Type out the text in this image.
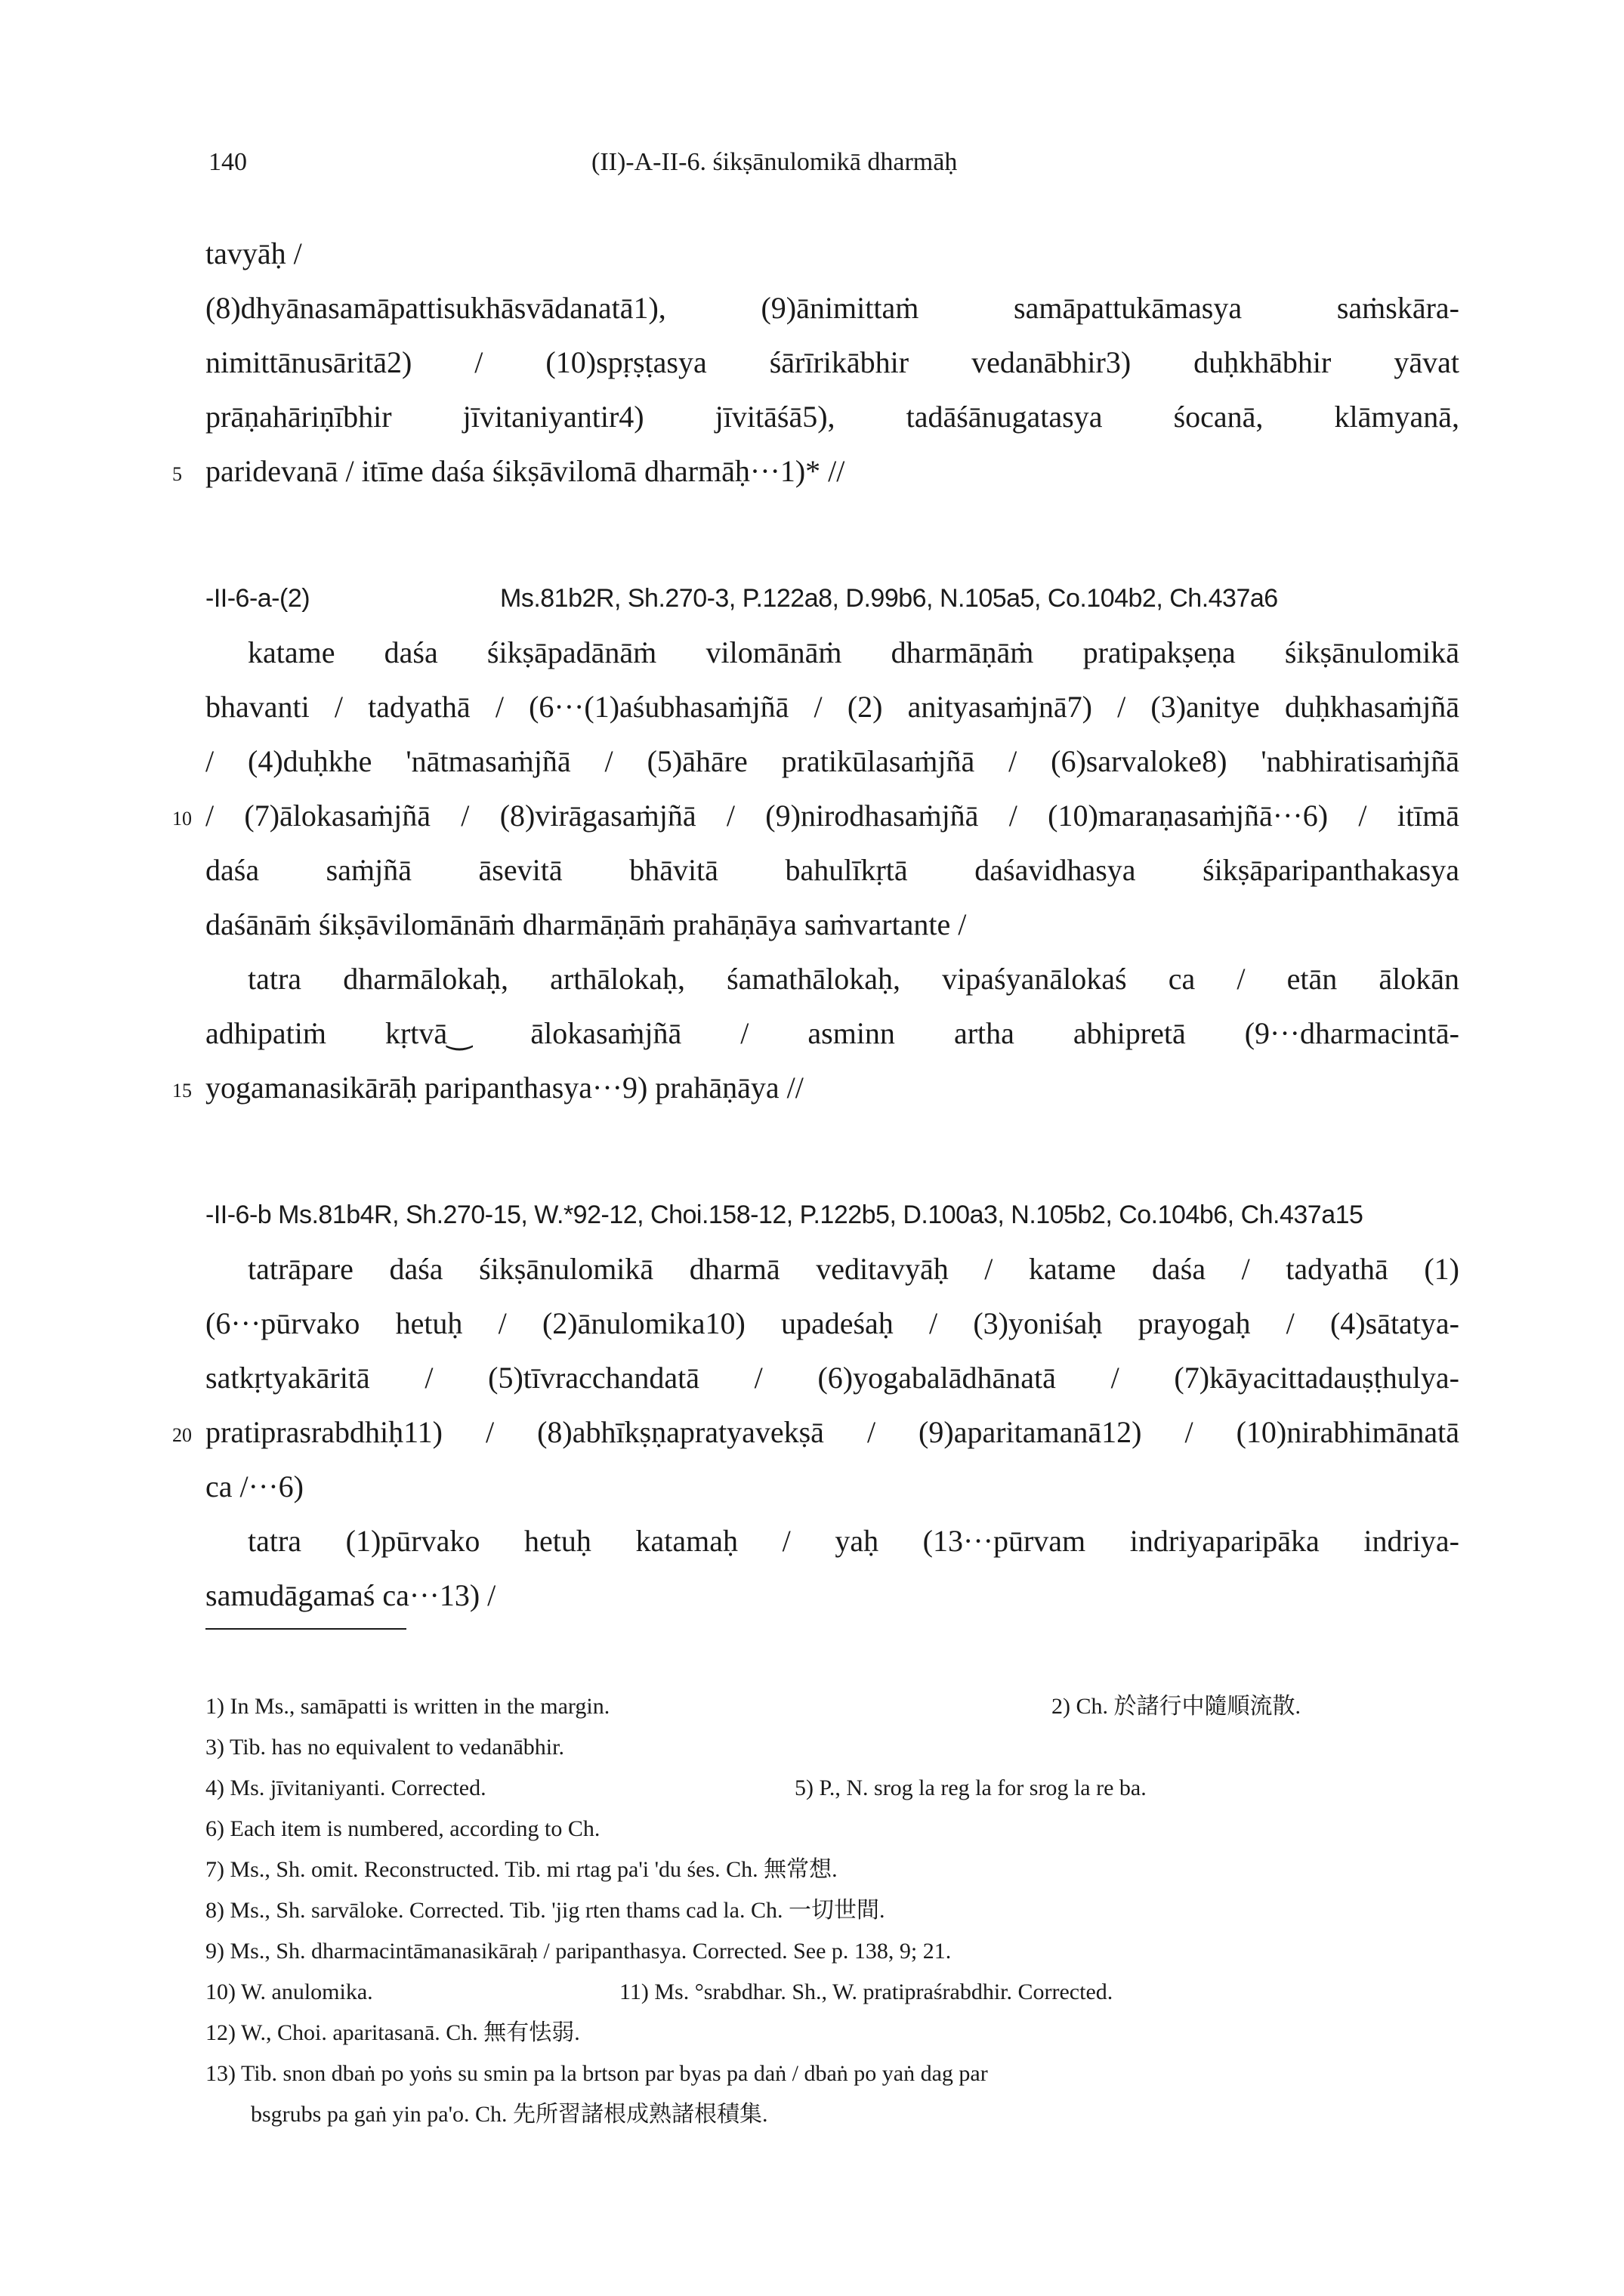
140	(II)-A-II-6. śikṣānulomikā dharmāḥ
tavyāḥ /
(8)dhyānasamāpattisukhāsvādanatā1), (9)ānimittaṁ samāpattukāmasya saṁskāra-
nimittānusāritā2) / (10)spṛṣṭasya śārīrikābhir vedanābhir3) duḥkhābhir yāvat
prāṇahāriṇībhir jīvitaniyantir4) jīvitāśā5), tadāśānugatasya śocanā, klāmyanā,
5 paridevanā / itīme daśa śikṣāvilomā dharmāḥ···1)* //
-II-6-a-(2)	Ms.81b2R, Sh.270-3, P.122a8, D.99b6, N.105a5, Co.104b2, Ch.437a6
katame daśa śikṣāpadānāṁ vilomānāṁ dharmāṇāṁ pratipakṣeṇa śikṣānulomikā
bhavanti / tadyathā / (6···(1)aśubhasaṁjñā / (2) anityasaṁjnā7) / (3)anitye duḥkhasaṁjñā
/ (4)duḥkhe 'nātmasaṁjñā / (5)āhāre pratikūlasaṁjñā / (6)sarvaloke8) 'nabhiratisaṁjñā
10 / (7)ālokasaṁjñā / (8)virāgasaṁjñā / (9)nirodhasaṁjñā / (10)maraṇasaṁjñā···6) / itīmā
daśa saṁjñā āsevitā bhāvitā bahulīkṛtā daśavidhasya śikṣāparipanthakasya
daśānāṁ śikṣāvilomānāṁ dharmāṇāṁ prahāṇāya saṁvartante /
tatra dharmālokaḥ, arthālokaḥ, śamathālokaḥ, vipaśyanālokaś ca / etān ālokān
adhipatiṁ kṛtvā‿ ālokasaṁjñā / asminn artha abhipretā (9···dharmacintā-
15 yogamanasikārāḥ paripanthasya···9) prahāṇāya //
-II-6-b Ms.81b4R, Sh.270-15, W.*92-12, Choi.158-12, P.122b5, D.100a3, N.105b2, Co.104b6, Ch.437a15
tatrāpare daśa śikṣānulomikā dharmā veditavyāḥ / katame daśa / tadyathā (1)
(6···pūrvako hetuḥ / (2)ānulomika10) upadeśaḥ / (3)yoniśaḥ prayogaḥ / (4)sātatya-
satkṛtyakāritā / (5)tīvracchandatā / (6)yogabalādhānatā / (7)kāyacittadauṣṭhulya-
20 pratiprasrabdhiḥ11) / (8)abhīkṣṇapratyavekṣā / (9)aparitamanā12) / (10)nirabhimānatā
ca /···6)
tatra (1)pūrvako hetuḥ katamaḥ / yaḥ (13···pūrvam indriyaparipāka indriya-
samudāgamaś ca···13) /
1) In Ms., samāpatti is written in the margin.	2) Ch. 於諸行中隨順流散.
3) Tib. has no equivalent to vedanābhir.
4) Ms. jīvitaniyanti. Corrected.	5) P., N. srog la reg la for srog la re ba.
6) Each item is numbered, according to Ch.
7) Ms., Sh. omit. Reconstructed. Tib. mi rtag pa'i 'du śes. Ch. 無常想.
8) Ms., Sh. sarvāloke. Corrected. Tib. 'jig rten thams cad la. Ch. 一切世間.
9) Ms., Sh. dharmacintāmanasikāraḥ / paripanthasya. Corrected. See p. 138, 9; 21.
10) W. anulomika.	11) Ms. °srabdhar. Sh., W. pratipraśrabdhir. Corrected.
12) W., Choi. aparitasanā. Ch. 無有怯弱.
13) Tib. snon dbaṅ po yoṅs su smin pa la brtson par byas pa daṅ / dbaṅ po yaṅ dag par
bsgrubs pa gaṅ yin pa'o. Ch. 先所習諸根成熟諸根積集.
